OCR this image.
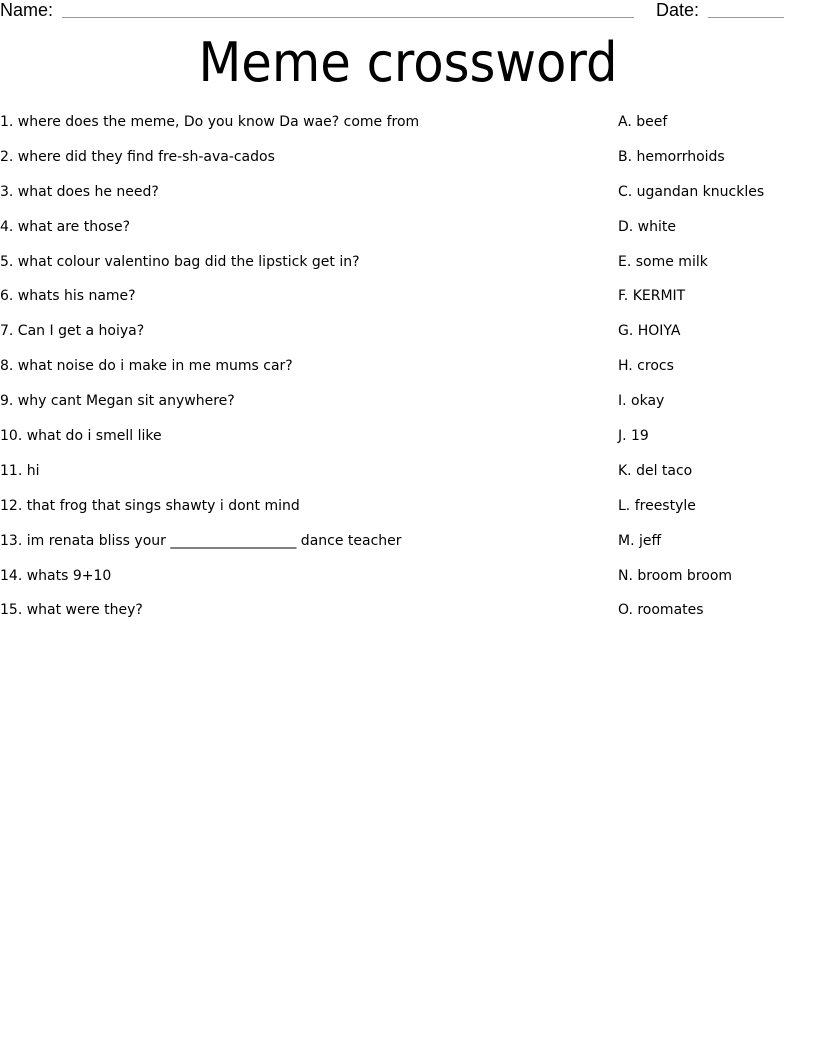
Name:	Date:
Meme crossword
1. where does the meme, Do you know Da wae? come from
2. where did they find fre-sh-ava-cados
3. what does he need?
4. what are those?
5. what colour valentino bag did the lipstick get in?
6. whats his name?
7. Can I get a hoiya?
8. what noise do i make in me mums car?
9. why cant Megan sit anywhere?
10. what do i smell like
11. hi
12. that frog that sings shawty i dont mind
13. im renata bliss your __________________ dance teacher
14. whats 9+10
15. what were they?
A. beef
B. hemorrhoids
C. ugandan knuckles
D. white
E. some milk
F. KERMIT
G. HOIYA
H. crocs
I. okay
J. 19
K. del taco
L. freestyle
M. jeff
N. broom broom
O. roomates
